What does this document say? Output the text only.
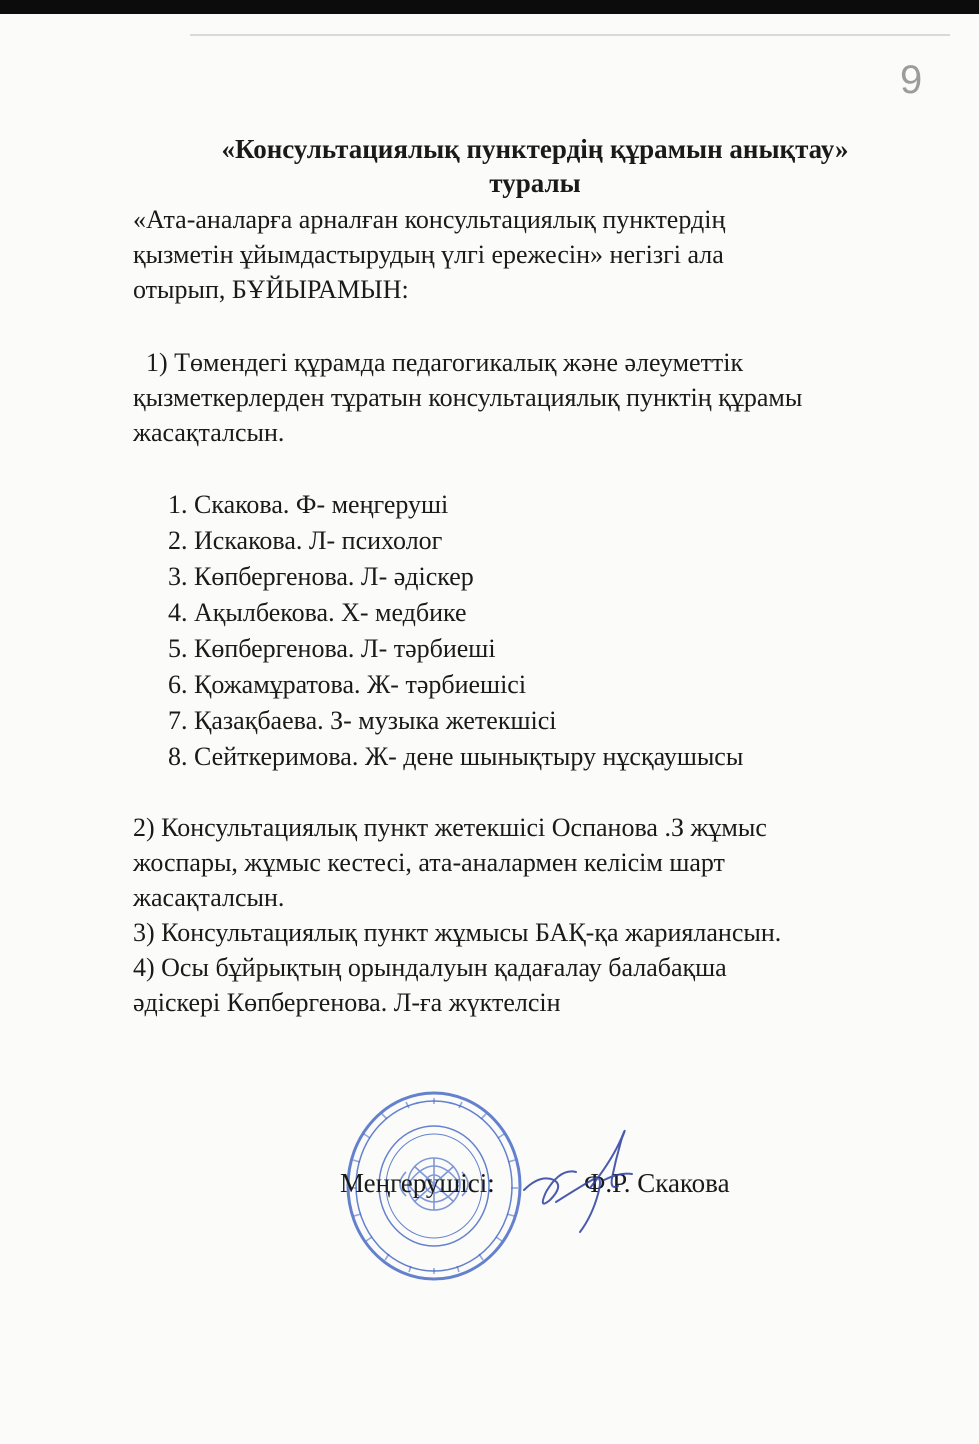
9
«Консультациялық пунктердің құрамын анықтау»
туралы
«Ата-аналарға арналған консультациялық пунктердің
қызметін ұйымдастырудың үлгі ережесін» негізгі ала
отырып, БҰЙЫРАМЫН:
1) Төмендегі құрамда педагогикалық және әлеуметтік
қызметкерлерден тұратын консультациялық пунктің құрамы
жасақталсын.
1. Скакова. Ф- меңгеруші
2. Искакова. Л- психолог
3. Көпбергенова. Л- әдіскер
4. Ақылбекова. Х- медбике
5. Көпбергенова. Л- тәрбиеші
6. Қожамұратова. Ж- тәрбиешісі
7. Қазақбаева. З- музыка жетекшісі
8. Сейткеримова. Ж- дене шынықтыру нұсқаушысы
2) Консультациялық пункт жетекшісі Оспанова .З жұмыс
жоспары, жұмыс кестесі, ата-аналармен келісім шарт
жасақталсын.
3) Консультациялық пункт жұмысы БАҚ-қа жариялансын.
4) Осы бұйрықтың орындалуын қадағалау балабақша
әдіскері Көпбергенова. Л-ға жүктелсін
Меңгерушісі:	Ф.Р. Скакова
